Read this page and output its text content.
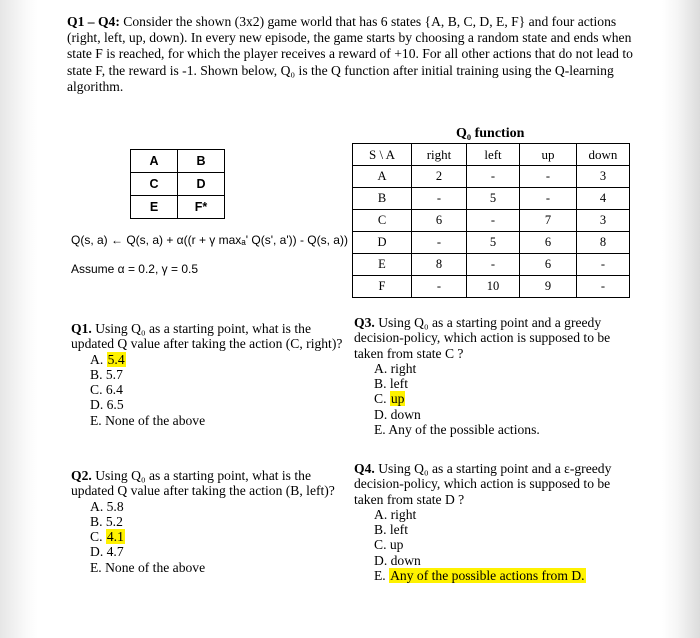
Q1 – Q4: Consider the shown (3x2) game world that has 6 states {A, B, C, D, E, F} and four actions (right, left, up, down). In every new episode, the game starts by choosing a random state and ends when state F is reached, for which the player receives a reward of +10. For all other actions that do not lead to state F, the reward is -1. Shown below, Q₀ is the Q function after initial training using the Q-learning algorithm.
A	B
C	D
E	F*
Q(s, a) ← Q(s, a) + α((r + γ maxₐ' Q(s', a')) - Q(s, a))
Assume α = 0.2, γ = 0.5
Q₀ function
S \ A	right	left	up	down
A	2	-	-	3
B	-	5	-	4
C	6	-	7	3
D	-	5	6	8
E	8	-	6	-
F	-	10	9	-
Q1. Using Q₀ as a starting point, what is the updated Q value after taking the action (C, right)?
A. 5.4
B. 5.7
C. 6.4
D. 6.5
E. None of the above
Q2. Using Q₀ as a starting point, what is the updated Q value after taking the action (B, left)?
A. 5.8
B. 5.2
C. 4.1
D. 4.7
E. None of the above
Q3. Using Q₀ as a starting point and a greedy decision-policy, which action is supposed to be taken from state C ?
A. right
B. left
C. up
D. down
E. Any of the possible actions.
Q4. Using Q₀ as a starting point and a ε-greedy decision-policy, which action is supposed to be taken from state D ?
A. right
B. left
C. up
D. down
E. Any of the possible actions from D.
